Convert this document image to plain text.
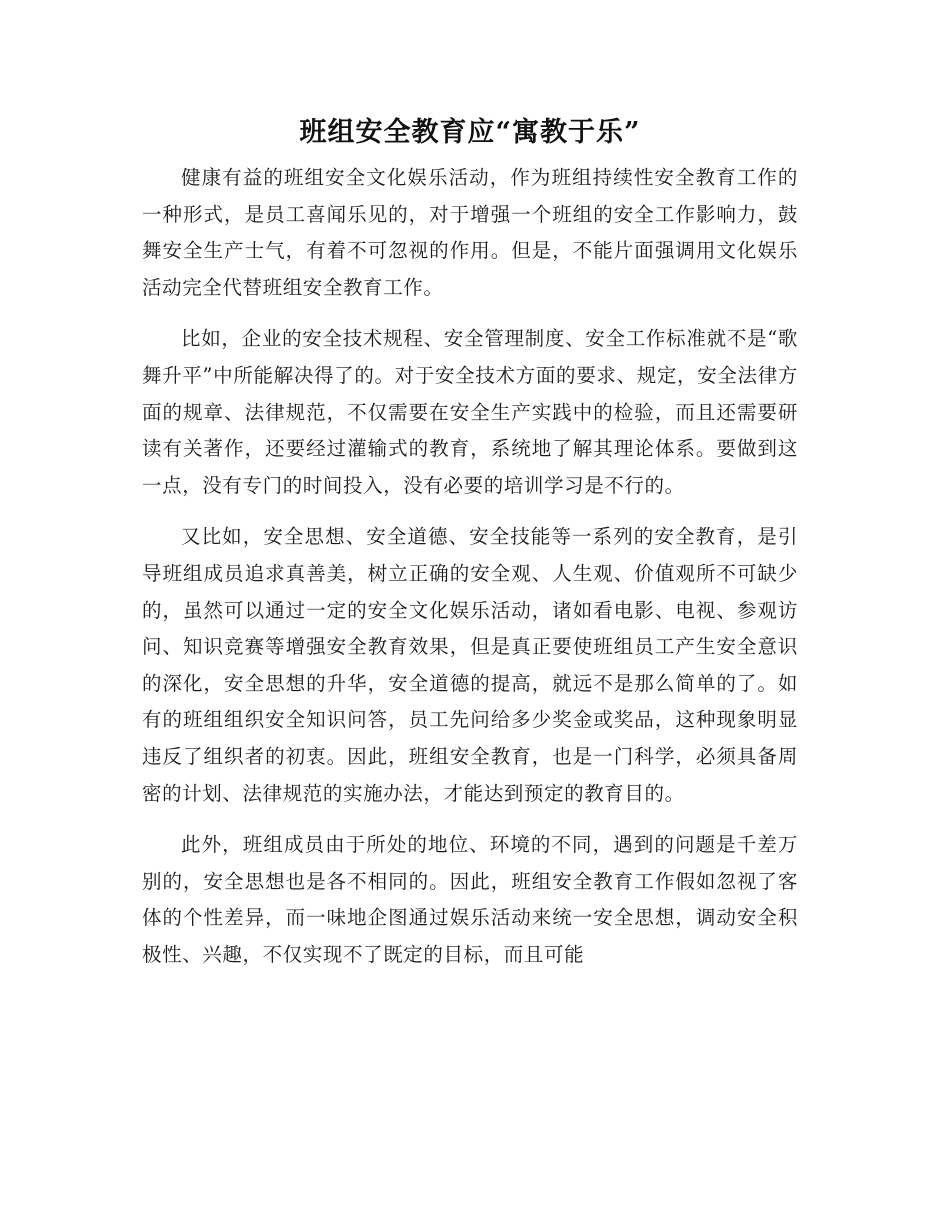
班组安全教育应“寓教于乐”

健康有益的班组安全文化娱乐活动，作为班组持续性安全教育工作的一种形式，是员工喜闻乐见的，对于增强一个班组的安全工作影响力，鼓舞安全生产士气，有着不可忽视的作用。但是，不能片面强调用文化娱乐活动完全代替班组安全教育工作。

比如，企业的安全技术规程、安全管理制度、安全工作标准就不是“歌舞升平”中所能解决得了的。对于安全技术方面的要求、规定，安全法律方面的规章、法律规范，不仅需要在安全生产实践中的检验，而且还需要研读有关著作，还要经过灌输式的教育，系统地了解其理论体系。要做到这一点，没有专门的时间投入，没有必要的培训学习是不行的。

又比如，安全思想、安全道德、安全技能等一系列的安全教育，是引导班组成员追求真善美，树立正确的安全观、人生观、价值观所不可缺少的，虽然可以通过一定的安全文化娱乐活动，诸如看电影、电视、参观访问、知识竞赛等增强安全教育效果，但是真正要使班组员工产生安全意识的深化，安全思想的升华，安全道德的提高，就远不是那么简单的了。如有的班组组织安全知识问答，员工先问给多少奖金或奖品，这种现象明显违反了组织者的初衷。因此，班组安全教育，也是一门科学，必须具备周密的计划、法律规范的实施办法，才能达到预定的教育目的。

此外，班组成员由于所处的地位、环境的不同，遇到的问题是千差万别的，安全思想也是各不相同的。因此，班组安全教育工作假如忽视了客体的个性差异，而一味地企图通过娱乐活动来统一安全思想，调动安全积极性、兴趣，不仅实现不了既定的目标，而且可能
